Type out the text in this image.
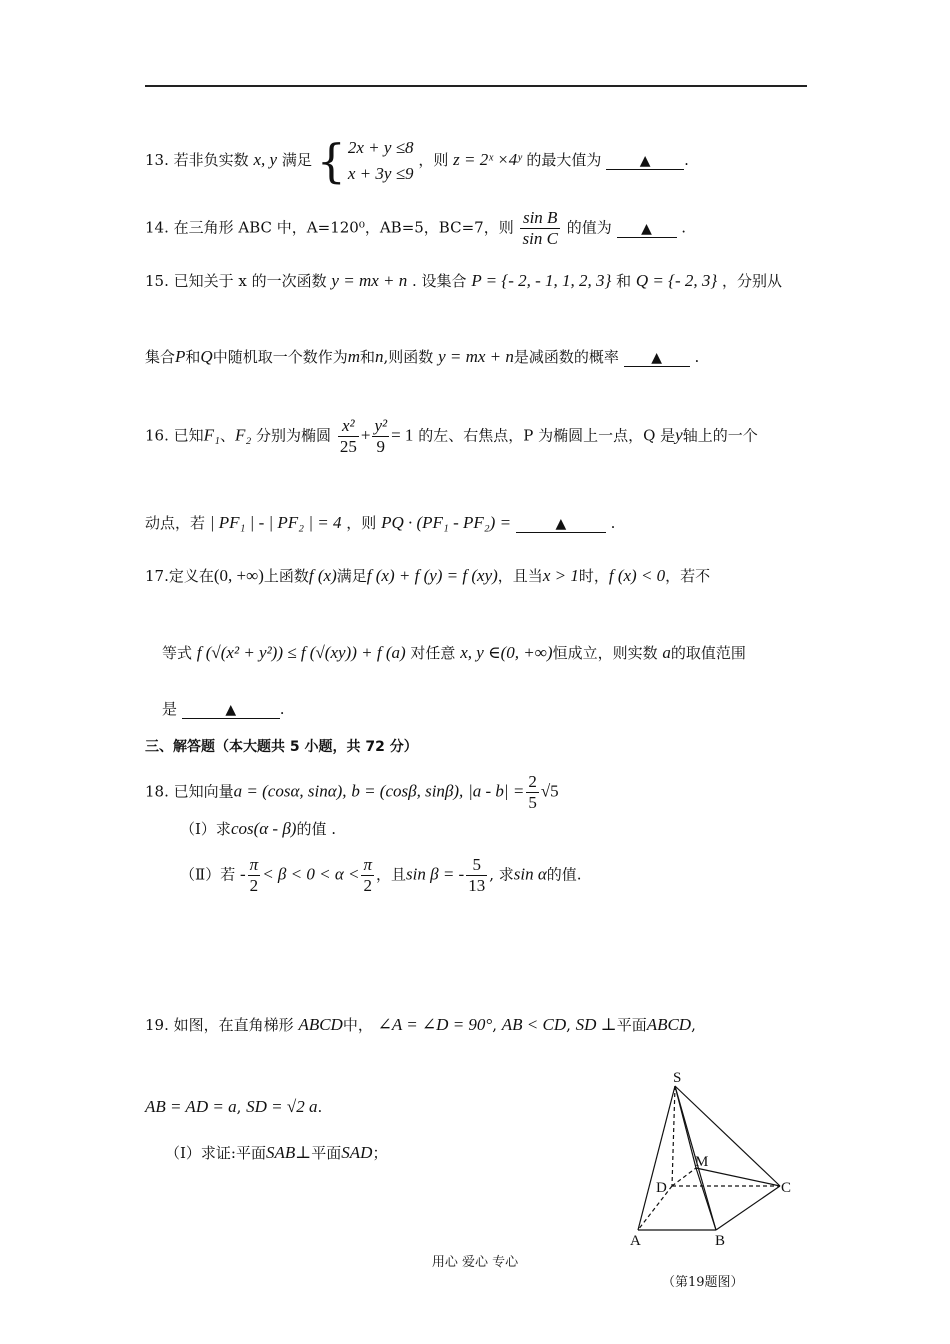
13. 若非负实数 x, y 满足 { 2x + y ≤8
x + 3y ≤9
，则 z = 2ˣ ×4ʸ 的最大值为	▲ .
14. 在三角形 ABC 中，A=120⁰，AB=5，BC=7，则 $\frac{\text{sin B}}{\text{sin C}}$ 的值为 ▲ .
15. 已知关于 x 的一次函数 y = mx + n . 设集合 P = {- 2, - 1, 1, 2, 3} 和 Q = {- 2, 3} ，分别从
集合P和Q中随机取一个数作为m和n,则函数 y = mx + n是减函数的概率 ▲ .
16. 已知F₁、F₂ 分别为椭圆 $\frac{\text{x²}}{25} + \frac{\text{y²}}{9} = 1$ 的左、右焦点，P 为椭圆上一点，Q 是y轴上的一个
动点，若 | PF₁ | - | PF₂ | = 4 ，则 PQ · (PF₁ - PF₂) =	▲	.
17.定义在(0, +∞)上函数f (x)满足f (x) + f (y) = f (xy)，且当x > 1时，f (x) < 0，若不
等式 f (√(x² + y²)) ≤ f (√(xy)) + f (a) 对任意 x, y ∈(0, +∞)恒成立，则实数 a的取值范围
是	▲	.
三、解答题（本大题共 5 小题，共 72 分）
18. 已知向量a = (cosα, sinα), b = (cosβ, sinβ), $|a - b| = \frac{2}{5} √5$
（Ⅰ）求cos(α - β)的值 .
（Ⅱ）若 - $\frac{\pi}{2} < \beta < 0 < \alpha < \frac{\pi}{2}$ ，且sin β = - $\frac{5}{13}$ , 求sin α的值.
19. 如图，在直角梯形 ABCD中， ∠A = ∠D = 90°, AB < CD, SD ⊥平面ABCD,
AB = AD = a, SD = √2 a.
（Ⅰ）求证:平面SAB⊥平面SAD；
S
M
D	C
A	B
用心 爱心 专心
（第19题图）
